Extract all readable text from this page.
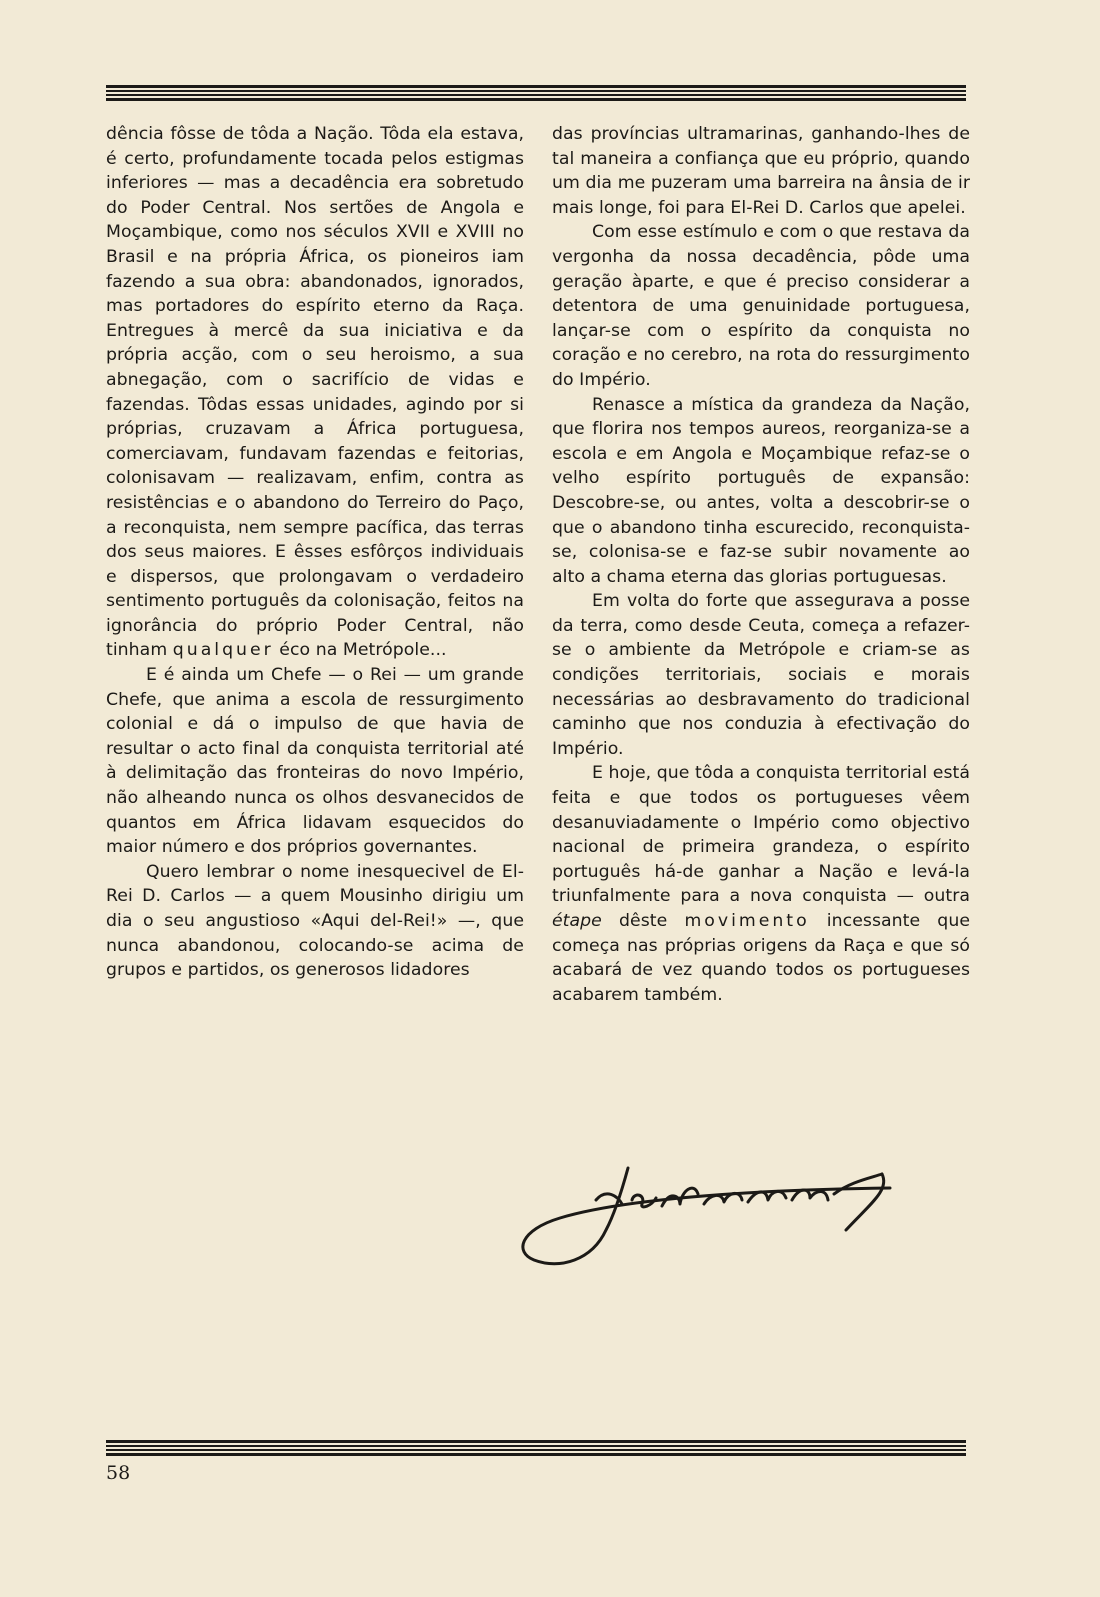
dência fôsse de tôda a Nação. Tôda ela estava, é certo, profundamente tocada pelos estigmas inferiores — mas a decadência era sobretudo do Poder Central. Nos sertões de Angola e Moçambique, como nos séculos XVII e XVIII no Brasil e na própria África, os pioneiros iam fazendo a sua obra: abandonados, ignorados, mas portadores do espírito eterno da Raça. Entregues à mercê da sua iniciativa e da própria acção, com o seu heroismo, a sua abnegação, com o sacrifício de vidas e fazendas. Tôdas essas unidades, agindo por si próprias, cruzavam a África portuguesa, comerciavam, fundavam fazendas e feitorias, colonisavam — realizavam, enfim, contra as resistências e o abandono do Terreiro do Paço, a reconquista, nem sempre pacífica, das terras dos seus maiores. E êsses esfôrços individuais e dispersos, que prolongavam o verdadeiro sentimento português da colonisação, feitos na ignorância do próprio Poder Central, não tinham qualquer éco na Metrópole...

E é ainda um Chefe — o Rei — um grande Chefe, que anima a escola de ressurgimento colonial e dá o impulso de que havia de resultar o acto final da conquista territorial até à delimitação das fronteiras do novo Império, não alheando nunca os olhos desvanecidos de quantos em África lidavam esquecidos do maior número e dos próprios governantes.

Quero lembrar o nome inesquecivel de El-Rei D. Carlos — a quem Mousinho dirigiu um dia o seu angustioso «Aqui del-Rei!» —, que nunca abandonou, colocando-se acima de grupos e partidos, os generosos lidadores

das províncias ultramarinas, ganhando-lhes de tal maneira a confiança que eu próprio, quando um dia me puzeram uma barreira na ânsia de ir mais longe, foi para El-Rei D. Carlos que apelei.

Com esse estímulo e com o que restava da vergonha da nossa decadência, pôde uma geração àparte, e que é preciso considerar a detentora de uma genuinidade portuguesa, lançar-se com o espírito da conquista no coração e no cerebro, na rota do ressurgimento do Império.

Renasce a mística da grandeza da Nação, que florira nos tempos aureos, reorganiza-se a escola e em Angola e Moçambique refaz-se o velho espírito português de expansão: Descobre-se, ou antes, volta a descobrir-se o que o abandono tinha escurecido, reconquista-se, colonisa-se e faz-se subir novamente ao alto a chama eterna das glorias portuguesas.

Em volta do forte que assegurava a posse da terra, como desde Ceuta, começa a refazer-se o ambiente da Metrópole e criam-se as condições territoriais, sociais e morais necessárias ao desbravamento do tradicional caminho que nos conduzia à efectivação do Império.

E hoje, que tôda a conquista territorial está feita e que todos os portugueses vêem desanuviadamente o Império como objectivo nacional de primeira grandeza, o espírito português há-de ganhar a Nação e levá-la triunfalmente para a nova conquista — outra étape dêste movimento incessante que começa nas próprias origens da Raça e que só acabará de vez quando todos os portugueses acabarem também.

58
